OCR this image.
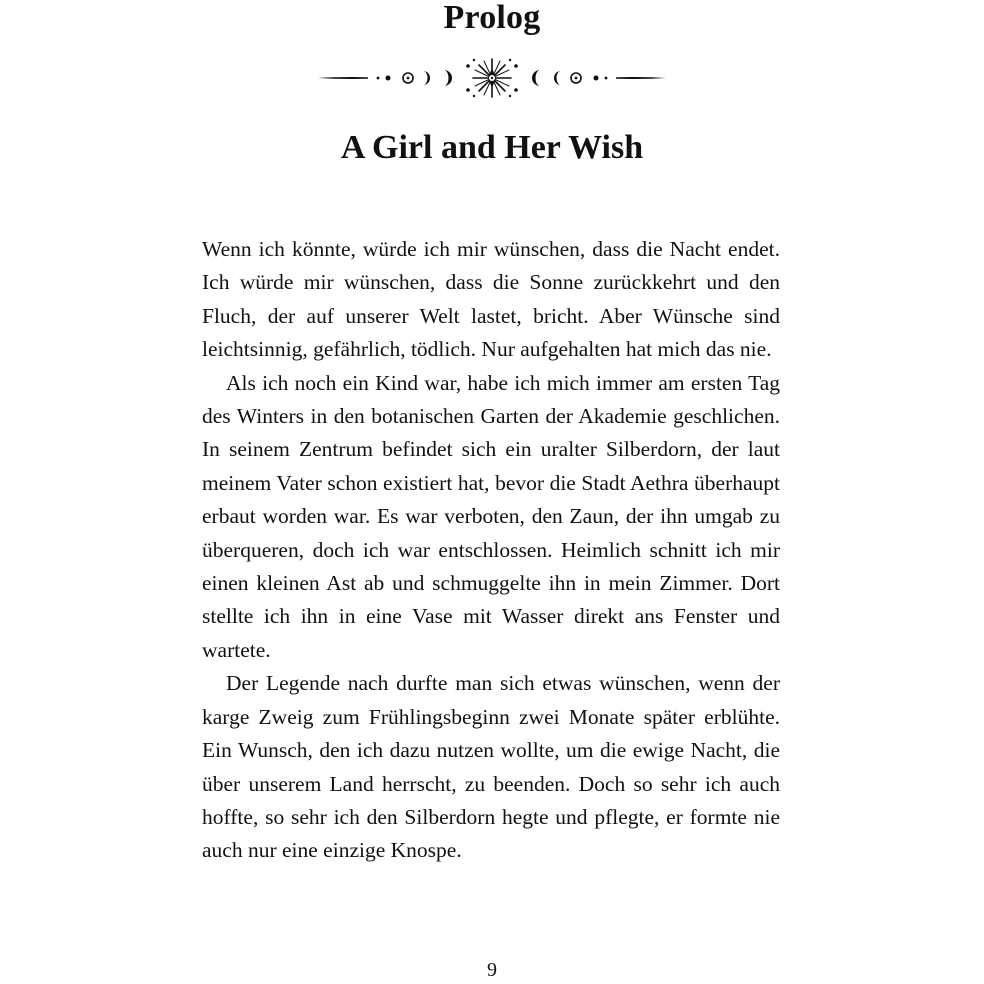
Prolog
A Girl and Her Wish

Wenn ich könnte, würde ich mir wünschen, dass die Nacht endet. Ich würde mir wünschen, dass die Sonne zurückkehrt und den Fluch, der auf unserer Welt lastet, bricht. Aber Wünsche sind leichtsinnig, gefährlich, tödlich. Nur aufgehalten hat mich das nie.

Als ich noch ein Kind war, habe ich mich immer am ersten Tag des Winters in den botanischen Garten der Akademie geschlichen. In seinem Zentrum befindet sich ein uralter Silberdorn, der laut meinem Vater schon existiert hat, bevor die Stadt Aethra überhaupt erbaut worden war. Es war verboten, den Zaun, der ihn umgab zu überqueren, doch ich war entschlossen. Heimlich schnitt ich mir einen kleinen Ast ab und schmuggelte ihn in mein Zimmer. Dort stellte ich ihn in eine Vase mit Wasser direkt ans Fenster und wartete.

Der Legende nach durfte man sich etwas wünschen, wenn der karge Zweig zum Frühlingsbeginn zwei Monate später erblühte. Ein Wunsch, den ich dazu nutzen wollte, um die ewige Nacht, die über unserem Land herrscht, zu beenden. Doch so sehr ich auch hoffte, so sehr ich den Silberdorn hegte und pflegte, er formte nie auch nur eine einzige Knospe.

9
